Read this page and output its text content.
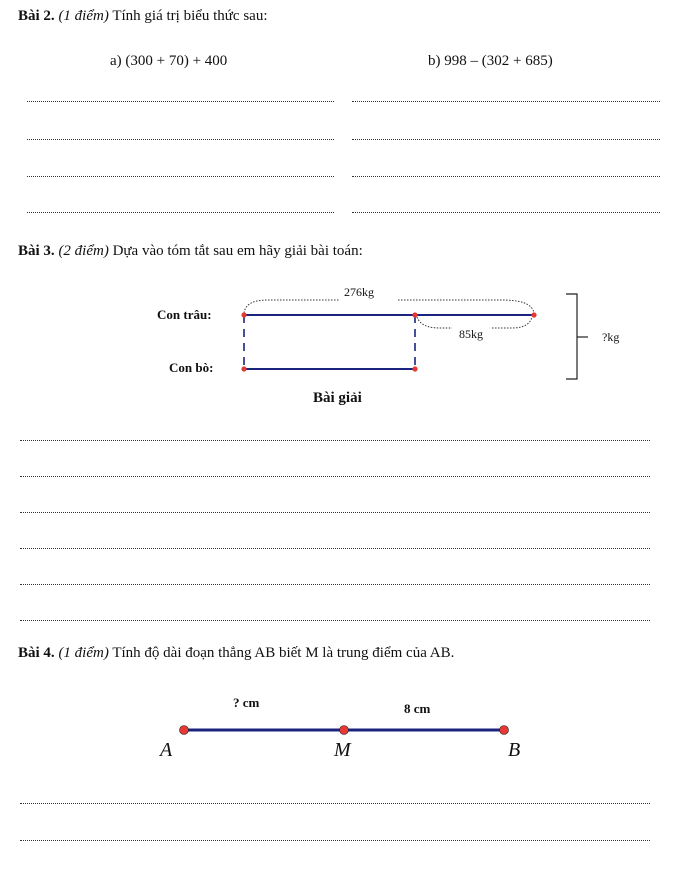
Bài 2. (1 điểm) Tính giá trị biểu thức sau:
a) (300 + 70) + 400	b) 998 – (302 + 685)
Bài 3. (2 điểm) Dựa vào tóm tắt sau em hãy giải bài toán:
276kg
85kg	?kg
Con trâu:
Con bò:
Bài giải
Bài 4. (1 điểm) Tính độ dài đoạn thẳng AB biết M là trung điểm của AB.
? cm	8 cm
A	M	B
